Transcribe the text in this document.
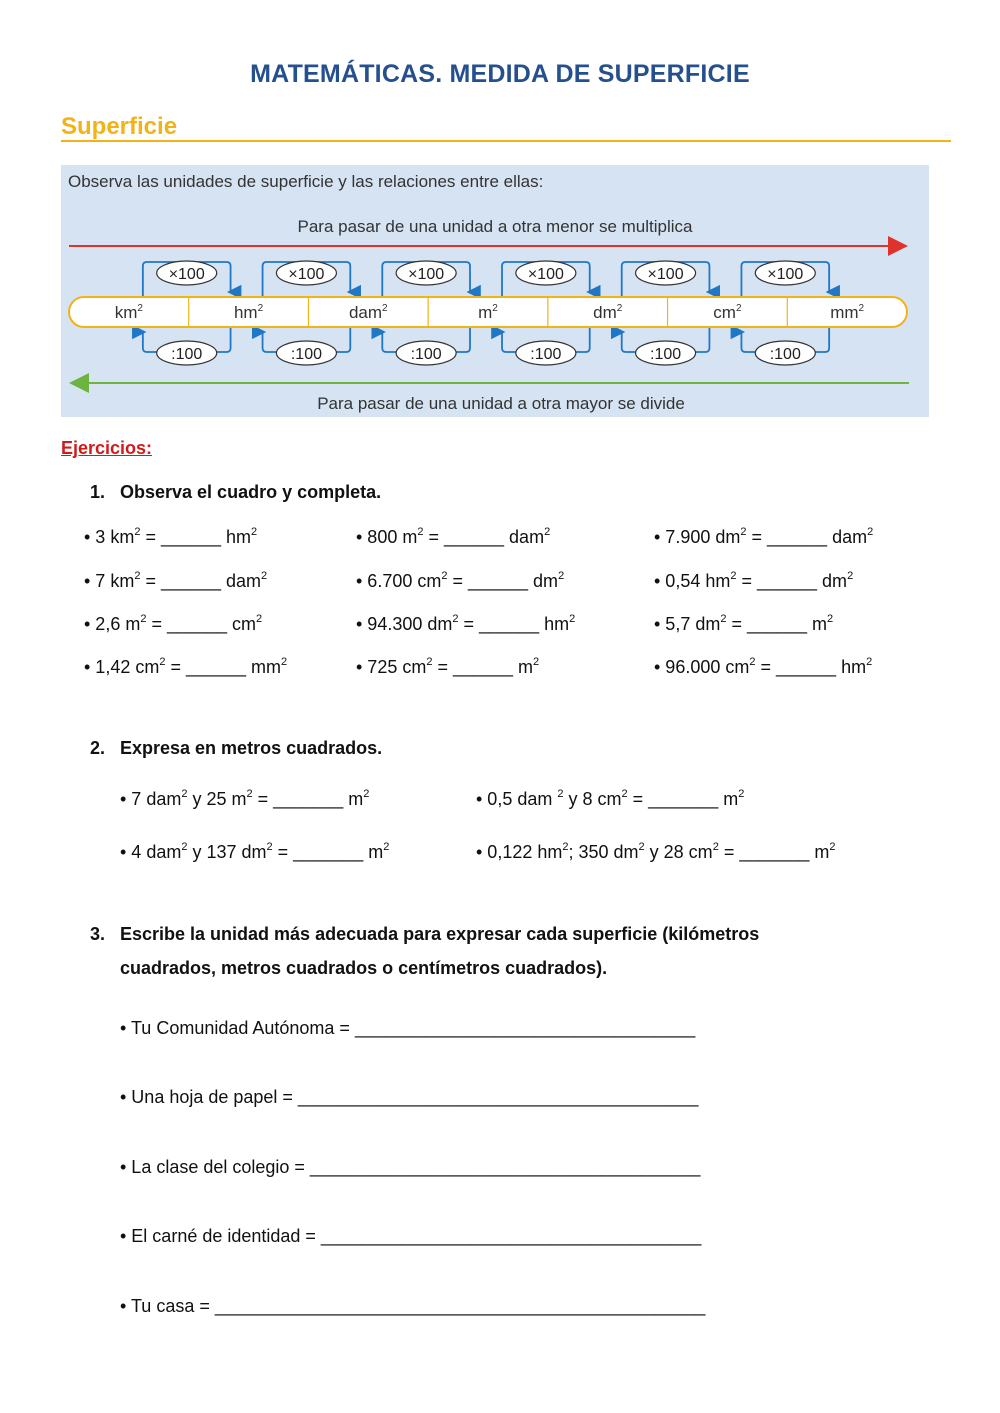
MATEMÁTICAS. MEDIDA DE SUPERFICIE
Superficie
Observa las unidades de superficie y las relaciones entre ellas:
Para pasar de una unidad a otra menor se multiplica
×100
:100
×100
:100
×100
:100
×100
:100
×100
:100
×100
:100
$km^2$	$hm^2$	dam$^2$	$m^2$	$dm^2$	$cm^2$	$mm^2$
Para pasar de una unidad a otra mayor se divide
Ejercicios:
1. Observa el cuadro y completa.
• 3 $km^2$ = ______ $hm^2$	• 800 $m^2$ = ______ dam$^2$	• 7.900 $dm^2$ = ______ dam$^2$
• 7 $km^2$ = ______ dam$^2$	• 6.700 $cm^2$ = ______ $dm^2$	• 0,54 $hm^2$ = ______ $dm^2$
• 2,6 $m^2$ = ______ $cm^2$	• 94.300 $dm^2$ = ______ $hm^2$	• 5,7 $dm^2$ = ______ $m^2$
• 1,42 $cm^2$ = ______ $mm^2$	• 725 $cm^2$ = ______ $m^2$	• 96.000 $cm^2$ = ______ $hm^2$
2. Expresa en metros cuadrados.
• 7 dam$^2$ y 25 $m^2$ = _______ $m^2$	• 0,5 dam $^2$ y 8 $cm^2$ = _______ $m^2$
• 4 dam$^2$ y 137 $dm^2$ = _______ $m^2$	• 0,122 $hm^2$; 350 $dm^2$ y 28 $cm^2$ = _______ $m^2$
3. Escribe la unidad más adecuada para expresar cada superficie (kilómetros
cuadrados, metros cuadrados o centímetros cuadrados).
• Tu Comunidad Autónoma = __________________________________
• Una hoja de papel = ________________________________________
• La clase del colegio = _______________________________________
• El carné de identidad = ______________________________________
• Tu casa = _________________________________________________
